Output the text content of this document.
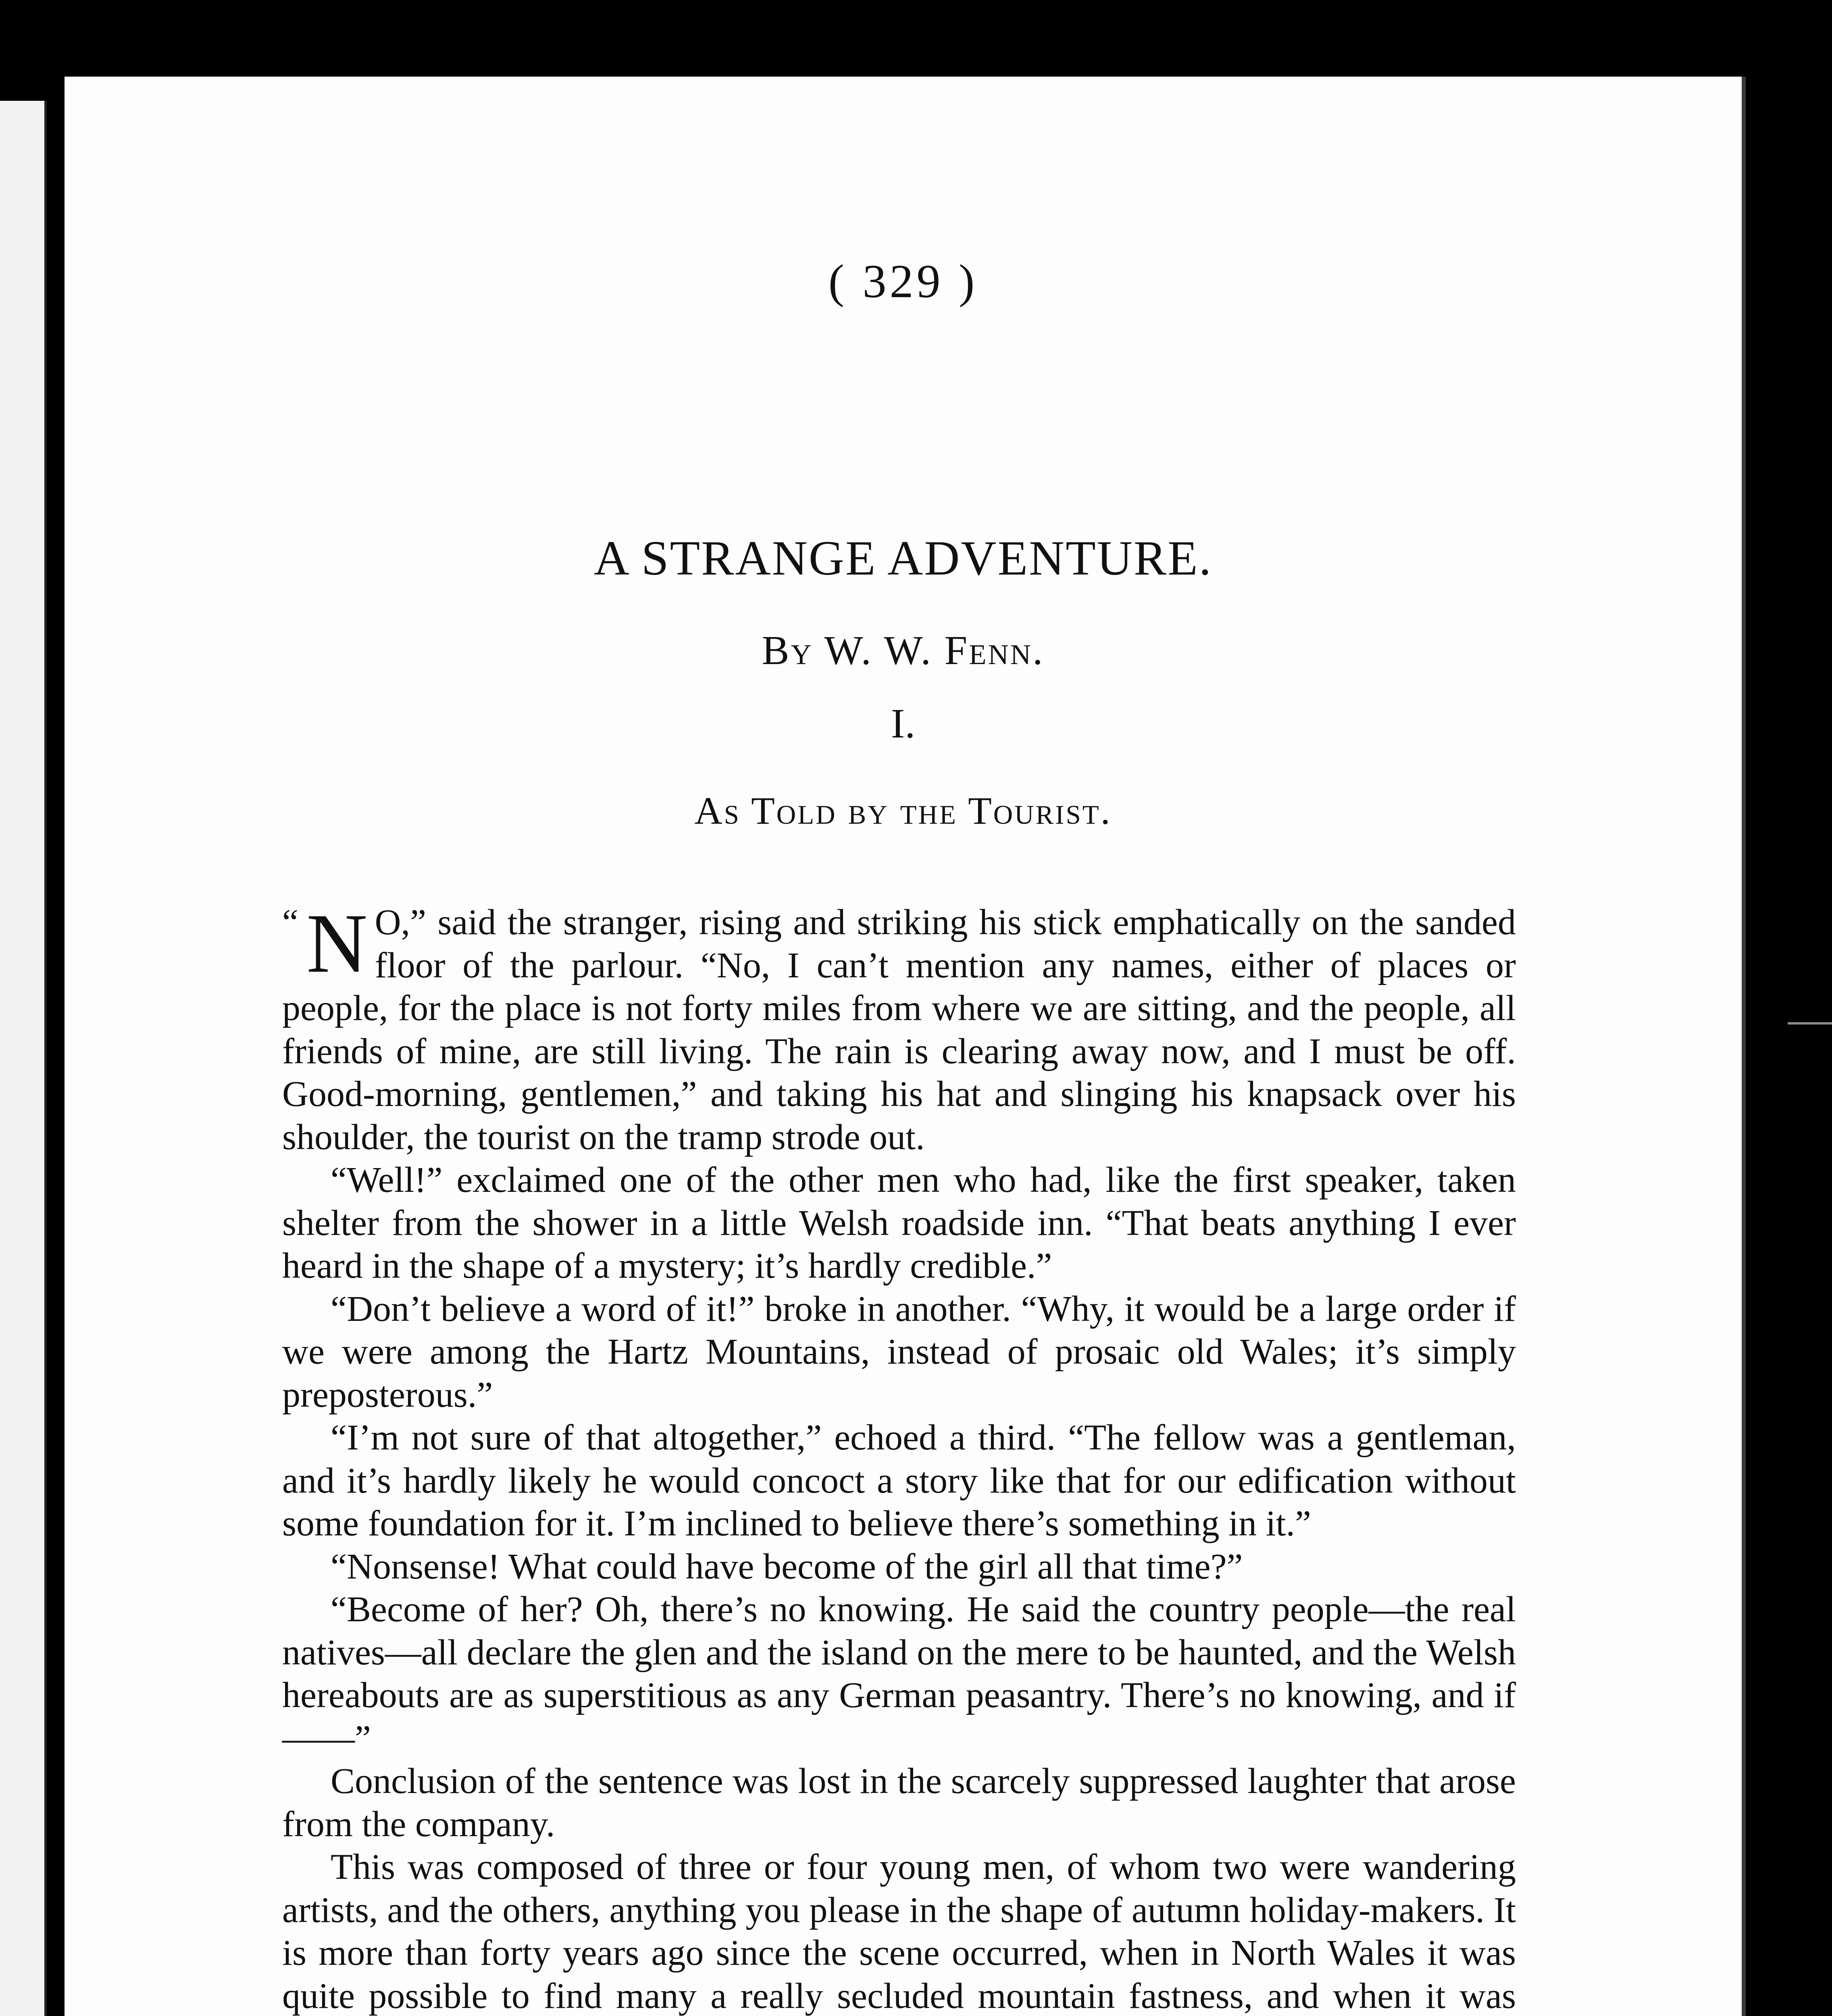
( 329 )
A STRANGE ADVENTURE.
By W. W. Fenn.
I.
As Told by the Tourist.

“ N O,” said the stranger, rising and striking his stick emphatically on the sanded floor of the parlour. “No, I can’t mention any names, either of places or people, for the place is not forty miles from where we are sitting, and the people, all friends of mine, are still living. The rain is clearing away now, and I must be off. Good-morning, gentlemen,” and taking his hat and slinging his knapsack over his shoulder, the tourist on the tramp strode out.

“Well!” exclaimed one of the other men who had, like the first speaker, taken shelter from the shower in a little Welsh roadside inn. “That beats anything I ever heard in the shape of a mystery; it’s hardly credible.”

“Don’t believe a word of it!” broke in another. “Why, it would be a large order if we were among the Hartz Mountains, instead of prosaic old Wales; it’s simply preposterous.”

“I’m not sure of that altogether,” echoed a third. “The fellow was a gentleman, and it’s hardly likely he would concoct a story like that for our edification without some foundation for it. I’m inclined to believe there’s something in it.”

“Nonsense! What could have become of the girl all that time?”

“Become of her? Oh, there’s no knowing. He said the country people—the real natives—all declare the glen and the island on the mere to be haunted, and the Welsh hereabouts are as superstitious as any German peasantry. There’s no knowing, and if——”

Conclusion of the sentence was lost in the scarcely suppressed laughter that arose from the company.

This was composed of three or four young men, of whom two were wandering artists, and the others, anything you please in the shape of autumn holiday-makers. It is more than forty years ago since the scene occurred, when in North Wales it was quite possible to find many a really secluded mountain fastness, and when it was
